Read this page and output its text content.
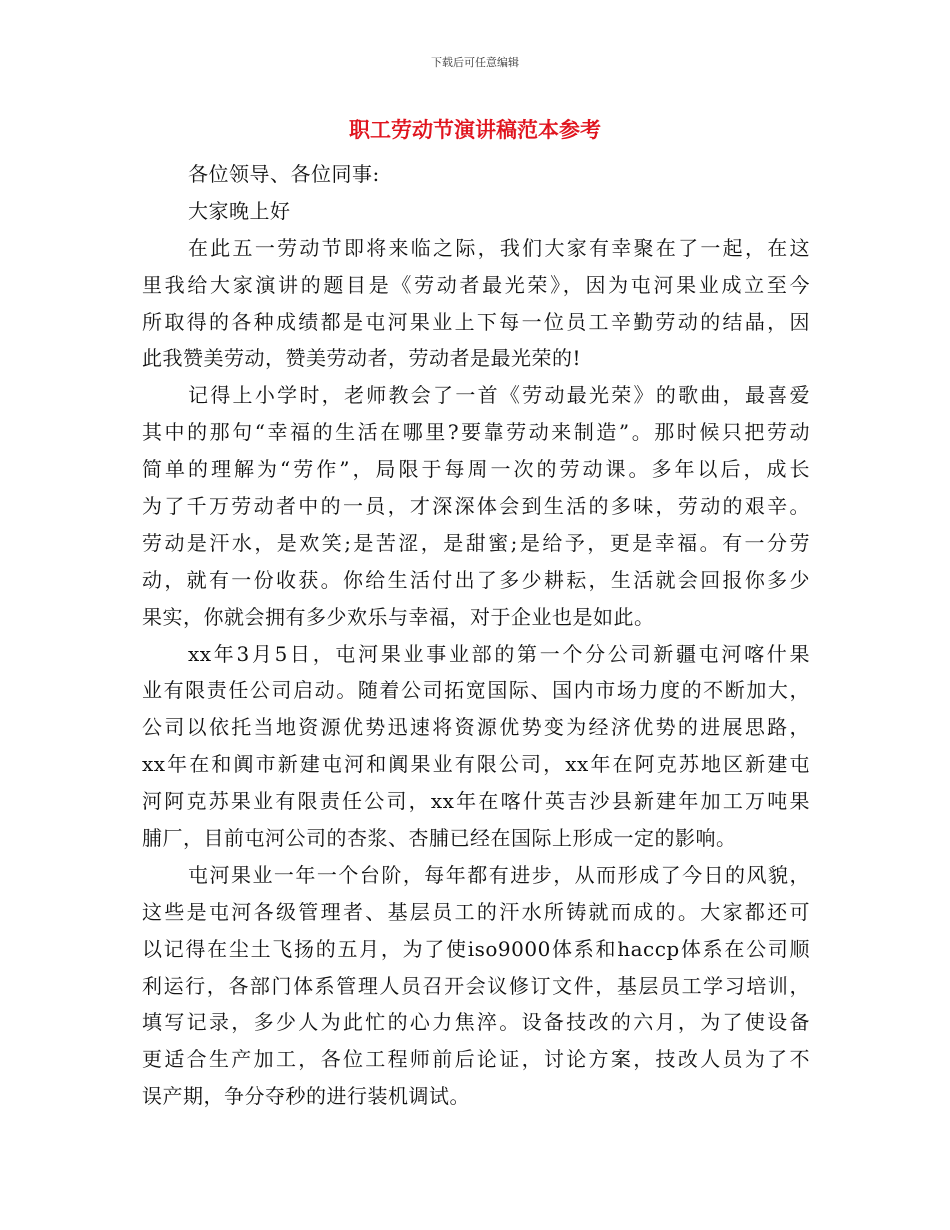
下载后可任意编辑
职工劳动节演讲稿范本参考
各位领导、各位同事:
大家晚上好
在此五一劳动节即将来临之际，我们大家有幸聚在了一起，在这
里我给大家演讲的题目是《劳动者最光荣》，因为屯河果业成立至今
所取得的各种成绩都是屯河果业上下每一位员工辛勤劳动的结晶，因
此我赞美劳动，赞美劳动者，劳动者是最光荣的!
记得上小学时，老师教会了一首《劳动最光荣》的歌曲，最喜爱
其中的那句“幸福的生活在哪里?要靠劳动来制造”。那时候只把劳动
简单的理解为“劳作”，局限于每周一次的劳动课。多年以后，成长
为了千万劳动者中的一员，才深深体会到生活的多味，劳动的艰辛。
劳动是汗水，是欢笑;是苦涩，是甜蜜;是给予，更是幸福。有一分劳
动，就有一份收获。你给生活付出了多少耕耘，生活就会回报你多少
果实，你就会拥有多少欢乐与幸福，对于企业也是如此。
xx年3月5日，屯河果业事业部的第一个分公司新疆屯河喀什果
业有限责任公司启动。随着公司拓宽国际、国内市场力度的不断加大，
公司以依托当地资源优势迅速将资源优势变为经济优势的进展思路，
xx年在和阗市新建屯河和阗果业有限公司，xx年在阿克苏地区新建屯
河阿克苏果业有限责任公司，xx年在喀什英吉沙县新建年加工万吨果
脯厂，目前屯河公司的杏浆、杏脯已经在国际上形成一定的影响。
屯河果业一年一个台阶，每年都有进步，从而形成了今日的风貌，
这些是屯河各级管理者、基层员工的汗水所铸就而成的。大家都还可
以记得在尘土飞扬的五月，为了使iso9000体系和haccp体系在公司顺
利运行，各部门体系管理人员召开会议修订文件，基层员工学习培训，
填写记录，多少人为此忙的心力焦淬。设备技改的六月，为了使设备
更适合生产加工，各位工程师前后论证，讨论方案，技改人员为了不
误产期，争分夺秒的进行装机调试。
